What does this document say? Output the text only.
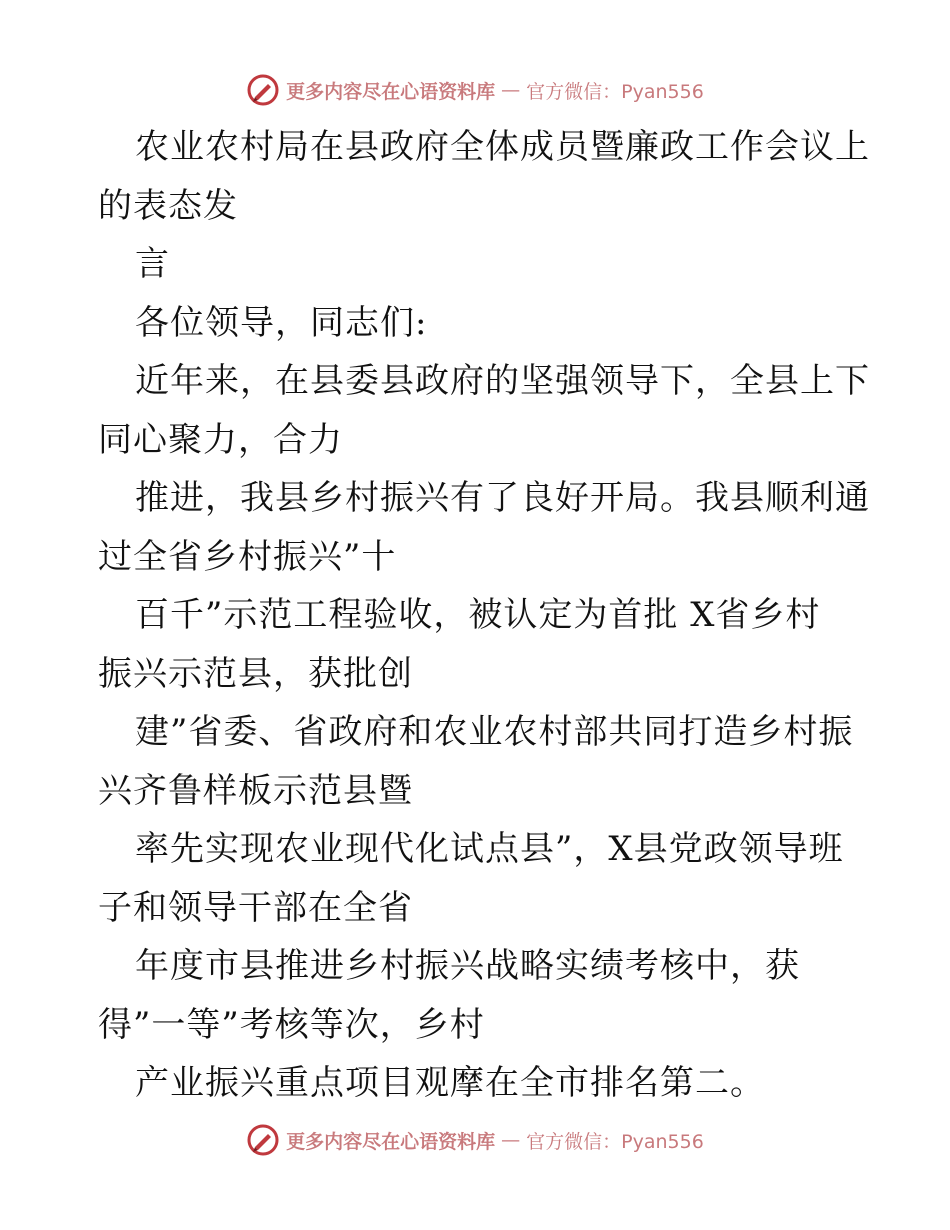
更多内容尽在心语资料库 — 官方微信：Pyan556
农业农村局在县政府全体成员暨廉政工作会议上
的表态发
言
各位领导，同志们:
近年来，在县委县政府的坚强领导下，全县上下
同心聚力，合力
推进，我县乡村振兴有了良好开局。我县顺利通
过全省乡村振兴”十
百千”示范工程验收，被认定为首批 X省乡村
振兴示范县，获批创
建”省委、省政府和农业农村部共同打造乡村振
兴齐鲁样板示范县暨
率先实现农业现代化试点县”，X县党政领导班
子和领导干部在全省
年度市县推进乡村振兴战略实绩考核中，获
得”一等”考核等次，乡村
产业振兴重点项目观摩在全市排名第二。
更多内容尽在心语资料库 — 官方微信：Pyan556
